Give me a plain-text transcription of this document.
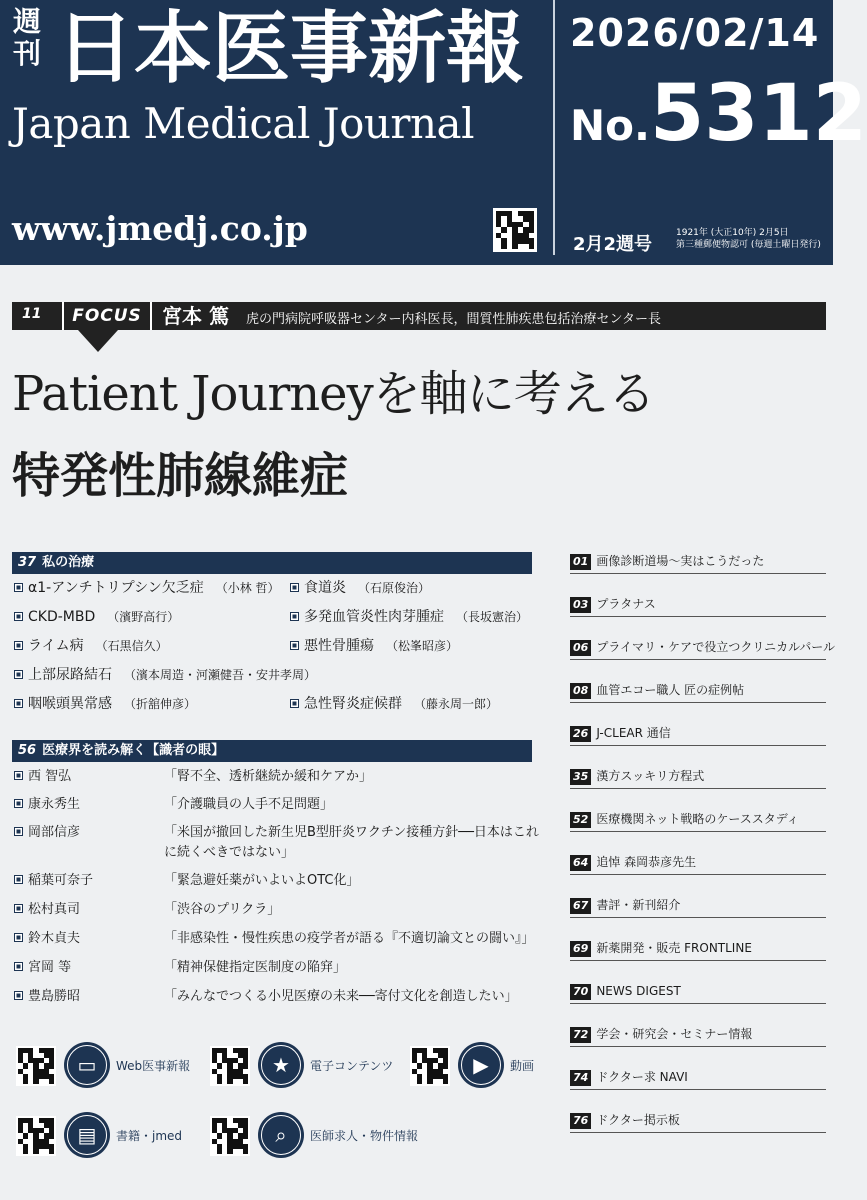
週刊 日本医事新報
Japan Medical Journal
www.jmedj.co.jp
2026/02/14
No.5312
2月2週号
1921年 (大正10年) 2月5日
第三種郵便物認可 (毎週土曜日発行)
11	FOCUS	宮本 篤 虎の門病院呼吸器センター内科医長，間質性肺疾患包括治療センター長
Patient Journeyを軸に考える
特発性肺線維症
37 私の治療
α1-アンチトリプシン欠乏症 （小林 哲）	食道炎 （石原俊治）
CKD-MBD （濱野高行）	多発血管炎性肉芽腫症 （長坂憲治）
ライム病 （石黒信久）	悪性骨腫瘍 （松峯昭彦）
上部尿路結石 （濱本周造・河瀬健吾・安井孝周）
咽喉頭異常感 （折舘伸彦）	急性腎炎症候群 （藤永周一郎）
56 医療界を読み解く【識者の眼】
西 智弘	「腎不全、透析継続か緩和ケアか」
康永秀生	「介護職員の人手不足問題」
岡部信彦	「米国が撤回した新生児B型肝炎ワクチン接種方針──日本はこれに続くべきではない」
稲葉可奈子	「緊急避妊薬がいよいよOTC化」
松村真司	「渋谷のプリクラ」
鈴木貞夫	「非感染性・慢性疾患の疫学者が語る『不適切論文との闘い』」
宮岡 等	「精神保健指定医制度の陥穽」
豊島勝昭	「みんなでつくる小児医療の未来──寄付文化を創造したい」
01 画像診断道場～実はこうだった
03 プラタナス
06 プライマリ・ケアで役立つクリニカルパール
08 血管エコー職人 匠の症例帖
26 J-CLEAR 通信
35 漢方スッキリ方程式
52 医療機関ネット戦略のケーススタディ
64 追悼 森岡恭彦先生
67 書評・新刊紹介
69 新薬開発・販売 FRONTLINE
70 NEWS DIGEST
72 学会・研究会・セミナー情報
74 ドクター求 NAVI
76 ドクター掲示板
▭	Web医事新報	★	電子コンテンツ	▶	動画
▤	書籍・jmed	⌕	医師求人・物件情報
